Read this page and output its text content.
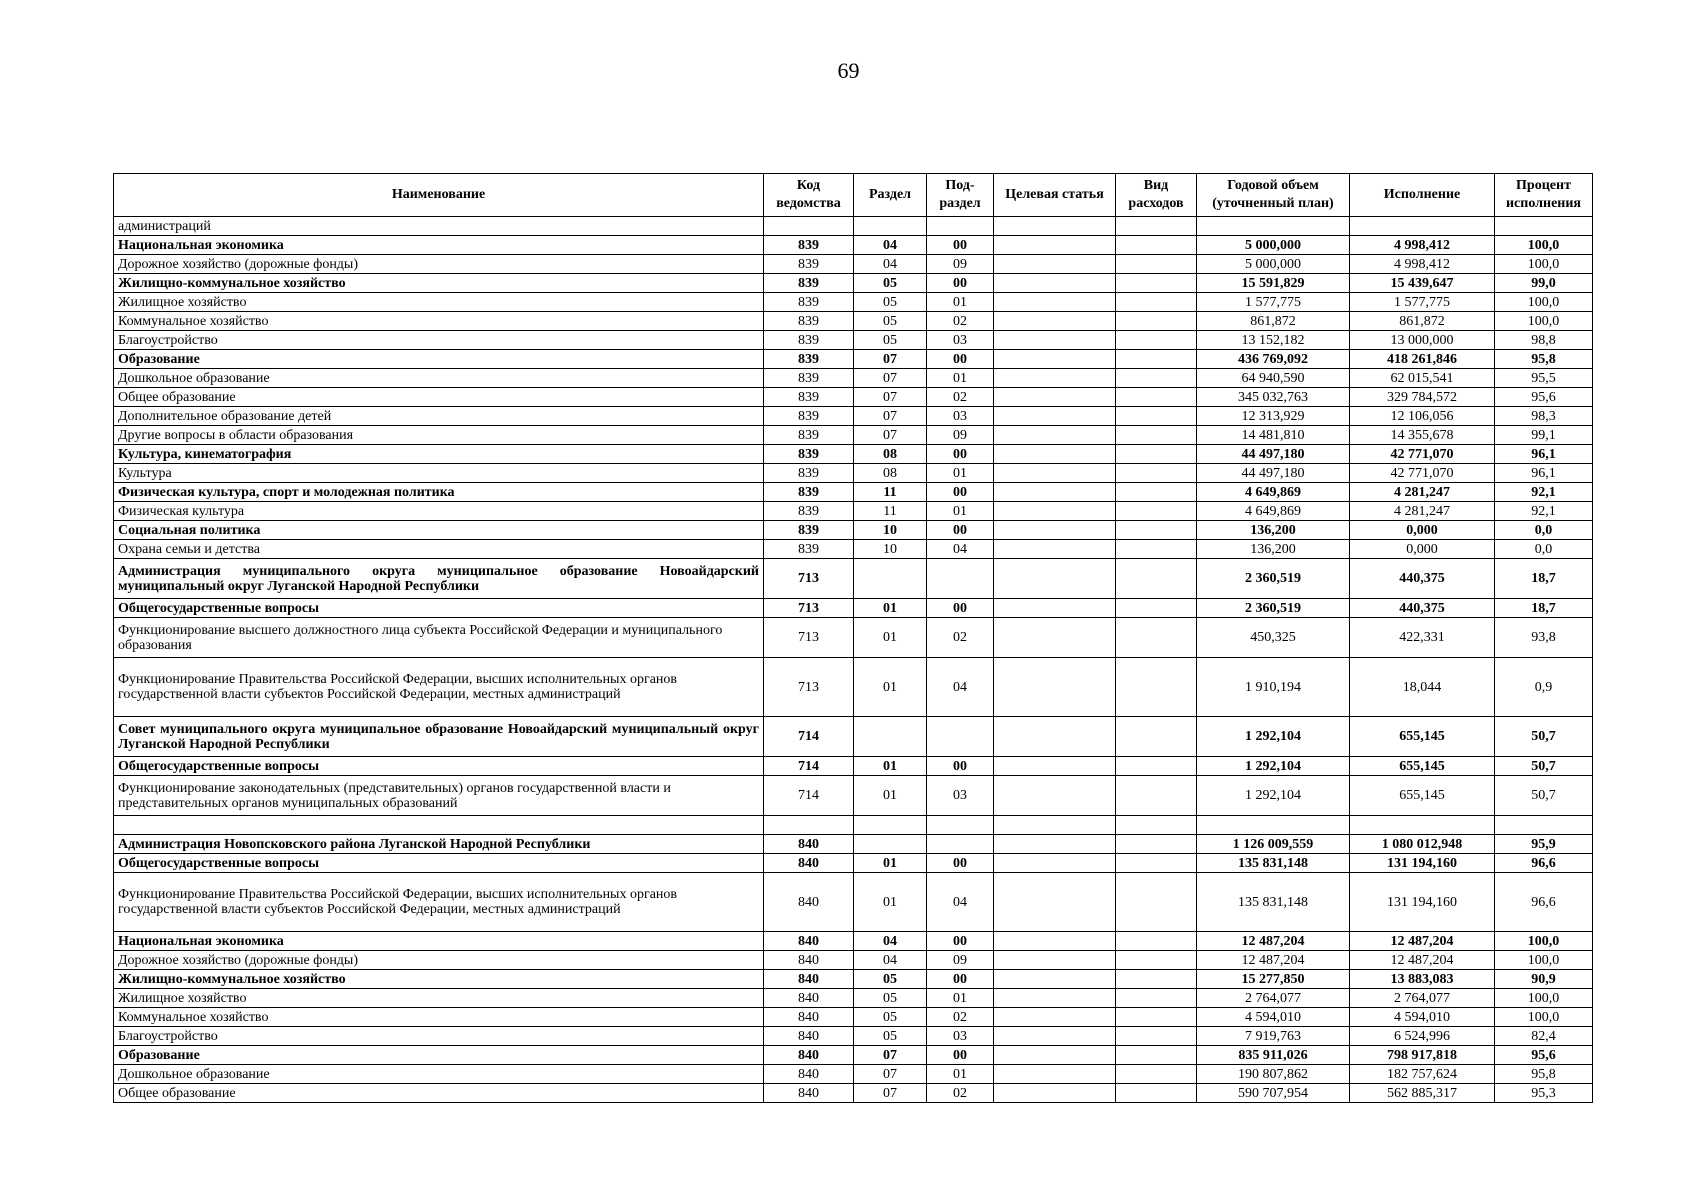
69
Наименование	Код ведомства	Раздел	Под-раздел	Целевая статья	Вид расходов	Годовой объем (уточненный план)	Исполнение	Процент исполнения
администраций								
Национальная экономика	839	04	00			5 000,000	4 998,412	100,0
Дорожное хозяйство (дорожные фонды)	839	04	09			5 000,000	4 998,412	100,0
Жилищно-коммунальное хозяйство	839	05	00			15 591,829	15 439,647	99,0
Жилищное хозяйство	839	05	01			1 577,775	1 577,775	100,0
Коммунальное хозяйство	839	05	02			861,872	861,872	100,0
Благоустройство	839	05	03			13 152,182	13 000,000	98,8
Образование	839	07	00			436 769,092	418 261,846	95,8
Дошкольное образование	839	07	01			64 940,590	62 015,541	95,5
Общее образование	839	07	02			345 032,763	329 784,572	95,6
Дополнительное образование детей	839	07	03			12 313,929	12 106,056	98,3
Другие вопросы в области образования	839	07	09			14 481,810	14 355,678	99,1
Культура, кинематография	839	08	00			44 497,180	42 771,070	96,1
Культура	839	08	01			44 497,180	42 771,070	96,1
Физическая культура, спорт и молодежная политика	839	11	00			4 649,869	4 281,247	92,1
Физическая культура	839	11	01			4 649,869	4 281,247	92,1
Социальная политика	839	10	00			136,200	0,000	0,0
Охрана семьи и детства	839	10	04			136,200	0,000	0,0
Администрация муниципального округа муниципальное образование Новоайдарский муниципальный округ Луганской Народной Республики	713					2 360,519	440,375	18,7
Общегосударственные вопросы	713	01	00			2 360,519	440,375	18,7
Функционирование высшего должностного лица субъекта Российской Федерации и муниципального образования	713	01	02			450,325	422,331	93,8
Функционирование Правительства Российской Федерации, высших исполнительных органов государственной власти субъектов Российской Федерации, местных администраций	713	01	04			1 910,194	18,044	0,9
Совет муниципального округа муниципальное образование Новоайдарский муниципальный округ Луганской Народной Республики	714					1 292,104	655,145	50,7
Общегосударственные вопросы	714	01	00			1 292,104	655,145	50,7
Функционирование законодательных (представительных) органов государственной власти и представительных органов муниципальных образований	714	01	03			1 292,104	655,145	50,7

Администрация Новопсковского района Луганской Народной Республики	840					1 126 009,559	1 080 012,948	95,9
Общегосударственные вопросы	840	01	00			135 831,148	131 194,160	96,6
Функционирование Правительства Российской Федерации, высших исполнительных органов государственной власти субъектов Российской Федерации, местных администраций	840	01	04			135 831,148	131 194,160	96,6
Национальная экономика	840	04	00			12 487,204	12 487,204	100,0
Дорожное хозяйство (дорожные фонды)	840	04	09			12 487,204	12 487,204	100,0
Жилищно-коммунальное хозяйство	840	05	00			15 277,850	13 883,083	90,9
Жилищное хозяйство	840	05	01			2 764,077	2 764,077	100,0
Коммунальное хозяйство	840	05	02			4 594,010	4 594,010	100,0
Благоустройство	840	05	03			7 919,763	6 524,996	82,4
Образование	840	07	00			835 911,026	798 917,818	95,6
Дошкольное образование	840	07	01			190 807,862	182 757,624	95,8
Общее образование	840	07	02			590 707,954	562 885,317	95,3
